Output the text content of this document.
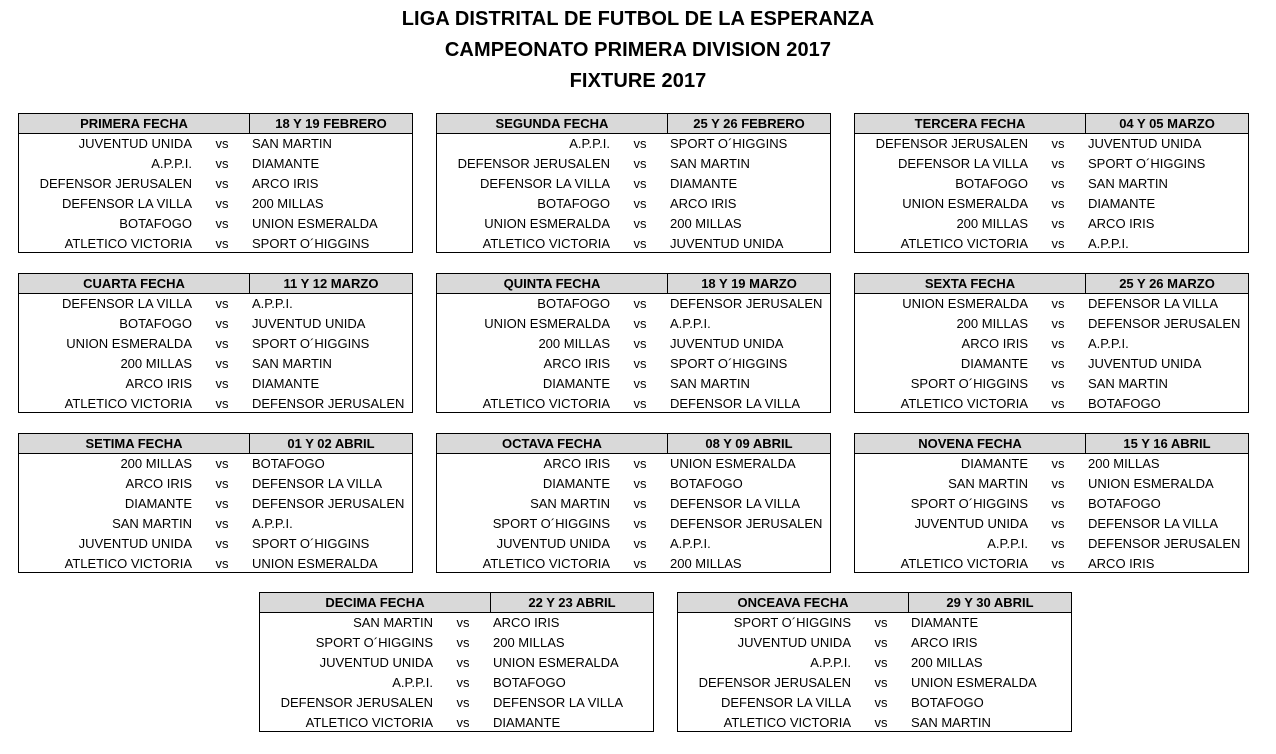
LIGA DISTRITAL DE FUTBOL DE LA ESPERANZA
CAMPEONATO PRIMERA DIVISION 2017
FIXTURE 2017
PRIMERA FECHA	18 Y 19 FEBRERO
JUVENTUD UNIDA	vs	SAN MARTIN
A.P.P.I.	vs	DIAMANTE
DEFENSOR JERUSALEN	vs	ARCO IRIS
DEFENSOR LA VILLA	vs	200 MILLAS
BOTAFOGO	vs	UNION ESMERALDA
ATLETICO VICTORIA	vs	SPORT O´HIGGINS
SEGUNDA FECHA	25 Y 26 FEBRERO
A.P.P.I.	vs	SPORT O´HIGGINS
DEFENSOR JERUSALEN	vs	SAN MARTIN
DEFENSOR LA VILLA	vs	DIAMANTE
BOTAFOGO	vs	ARCO IRIS
UNION ESMERALDA	vs	200 MILLAS
ATLETICO VICTORIA	vs	JUVENTUD UNIDA
TERCERA FECHA	04 Y 05 MARZO
DEFENSOR JERUSALEN	vs	JUVENTUD UNIDA
DEFENSOR LA VILLA	vs	SPORT O´HIGGINS
BOTAFOGO	vs	SAN MARTIN
UNION ESMERALDA	vs	DIAMANTE
200 MILLAS	vs	ARCO IRIS
ATLETICO VICTORIA	vs	A.P.P.I.
CUARTA FECHA	11 Y 12 MARZO
DEFENSOR LA VILLA	vs	A.P.P.I.
BOTAFOGO	vs	JUVENTUD UNIDA
UNION ESMERALDA	vs	SPORT O´HIGGINS
200 MILLAS	vs	SAN MARTIN
ARCO IRIS	vs	DIAMANTE
ATLETICO VICTORIA	vs	DEFENSOR JERUSALEN
QUINTA FECHA	18 Y 19 MARZO
BOTAFOGO	vs	DEFENSOR JERUSALEN
UNION ESMERALDA	vs	A.P.P.I.
200 MILLAS	vs	JUVENTUD UNIDA
ARCO IRIS	vs	SPORT O´HIGGINS
DIAMANTE	vs	SAN MARTIN
ATLETICO VICTORIA	vs	DEFENSOR LA VILLA
SEXTA FECHA	25 Y 26 MARZO
UNION ESMERALDA	vs	DEFENSOR LA VILLA
200 MILLAS	vs	DEFENSOR JERUSALEN
ARCO IRIS	vs	A.P.P.I.
DIAMANTE	vs	JUVENTUD UNIDA
SPORT O´HIGGINS	vs	SAN MARTIN
ATLETICO VICTORIA	vs	BOTAFOGO
SETIMA FECHA	01 Y 02 ABRIL
200 MILLAS	vs	BOTAFOGO
ARCO IRIS	vs	DEFENSOR LA VILLA
DIAMANTE	vs	DEFENSOR JERUSALEN
SAN MARTIN	vs	A.P.P.I.
JUVENTUD UNIDA	vs	SPORT O´HIGGINS
ATLETICO VICTORIA	vs	UNION ESMERALDA
OCTAVA FECHA	08 Y 09 ABRIL
ARCO IRIS	vs	UNION ESMERALDA
DIAMANTE	vs	BOTAFOGO
SAN MARTIN	vs	DEFENSOR LA VILLA
SPORT O´HIGGINS	vs	DEFENSOR JERUSALEN
JUVENTUD UNIDA	vs	A.P.P.I.
ATLETICO VICTORIA	vs	200 MILLAS
NOVENA FECHA	15 Y 16 ABRIL
DIAMANTE	vs	200 MILLAS
SAN MARTIN	vs	UNION ESMERALDA
SPORT O´HIGGINS	vs	BOTAFOGO
JUVENTUD UNIDA	vs	DEFENSOR LA VILLA
A.P.P.I.	vs	DEFENSOR JERUSALEN
ATLETICO VICTORIA	vs	ARCO IRIS
DECIMA FECHA	22 Y 23 ABRIL
SAN MARTIN	vs	ARCO IRIS
SPORT O´HIGGINS	vs	200 MILLAS
JUVENTUD UNIDA	vs	UNION ESMERALDA
A.P.P.I.	vs	BOTAFOGO
DEFENSOR JERUSALEN	vs	DEFENSOR LA VILLA
ATLETICO VICTORIA	vs	DIAMANTE
ONCEAVA FECHA	29 Y 30 ABRIL
SPORT O´HIGGINS	vs	DIAMANTE
JUVENTUD UNIDA	vs	ARCO IRIS
A.P.P.I.	vs	200 MILLAS
DEFENSOR JERUSALEN	vs	UNION ESMERALDA
DEFENSOR LA VILLA	vs	BOTAFOGO
ATLETICO VICTORIA	vs	SAN MARTIN
